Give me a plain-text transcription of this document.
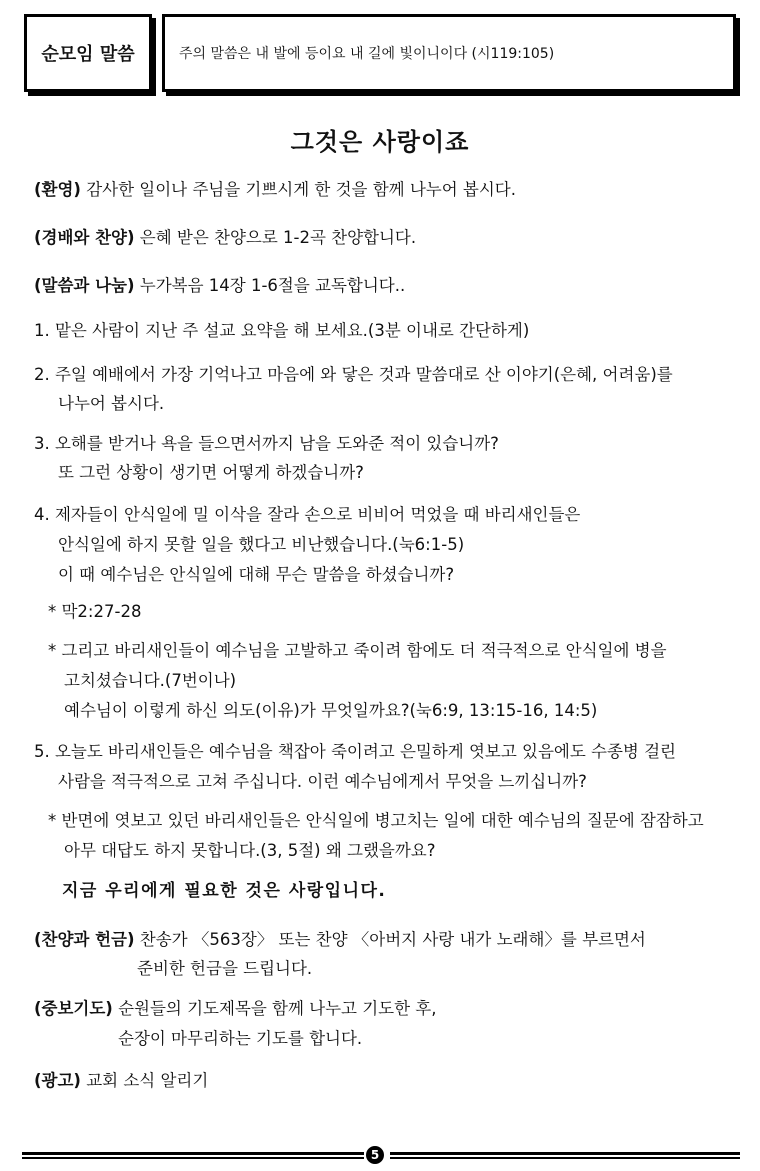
순모임 말씀	주의 말씀은 내 발에 등이요 내 길에 빛이니이다 (시119:105)
그것은 사랑이죠
(환영) 감사한 일이나 주님을 기쁘시게 한 것을 함께 나누어 봅시다.
(경배와 찬양) 은혜 받은 찬양으로 1-2곡 찬양합니다.
(말씀과 나눔) 누가복음 14장 1-6절을 교독합니다..
1. 맡은 사람이 지난 주 설교 요약을 해 보세요.(3분 이내로 간단하게)
2. 주일 예배에서 가장 기억나고 마음에 와 닿은 것과 말씀대로 산 이야기(은혜, 어려움)를
나누어 봅시다.
3. 오해를 받거나 욕을 들으면서까지 남을 도와준 적이 있습니까?
또 그런 상황이 생기면 어떻게 하겠습니까?
4. 제자들이 안식일에 밀 이삭을 잘라 손으로 비비어 먹었을 때 바리새인들은
안식일에 하지 못할 일을 했다고 비난했습니다.(눅6:1-5)
이 때 예수님은 안식일에 대해 무슨 말씀을 하셨습니까?
* 막2:27-28
* 그리고 바리새인들이 예수님을 고발하고 죽이려 함에도 더 적극적으로 안식일에 병을
고치셨습니다.(7번이나)
예수님이 이렇게 하신 의도(이유)가 무엇일까요?(눅6:9, 13:15-16, 14:5)
5. 오늘도 바리새인들은 예수님을 책잡아 죽이려고 은밀하게 엿보고 있음에도 수종병 걸린
사람을 적극적으로 고쳐 주십니다. 이런 예수님에게서 무엇을 느끼십니까?
* 반면에 엿보고 있던 바리새인들은 안식일에 병고치는 일에 대한 예수님의 질문에 잠잠하고
아무 대답도 하지 못합니다.(3, 5절) 왜 그랬을까요?
지금 우리에게 필요한 것은 사랑입니다.
(찬양과 헌금) 찬송가 〈563장〉 또는 찬양 〈아버지 사랑 내가 노래해〉를 부르면서
준비한 헌금을 드립니다.
(중보기도) 순원들의 기도제목을 함께 나누고 기도한 후,
순장이 마무리하는 기도를 합니다.
(광고) 교회 소식 알리기
5
